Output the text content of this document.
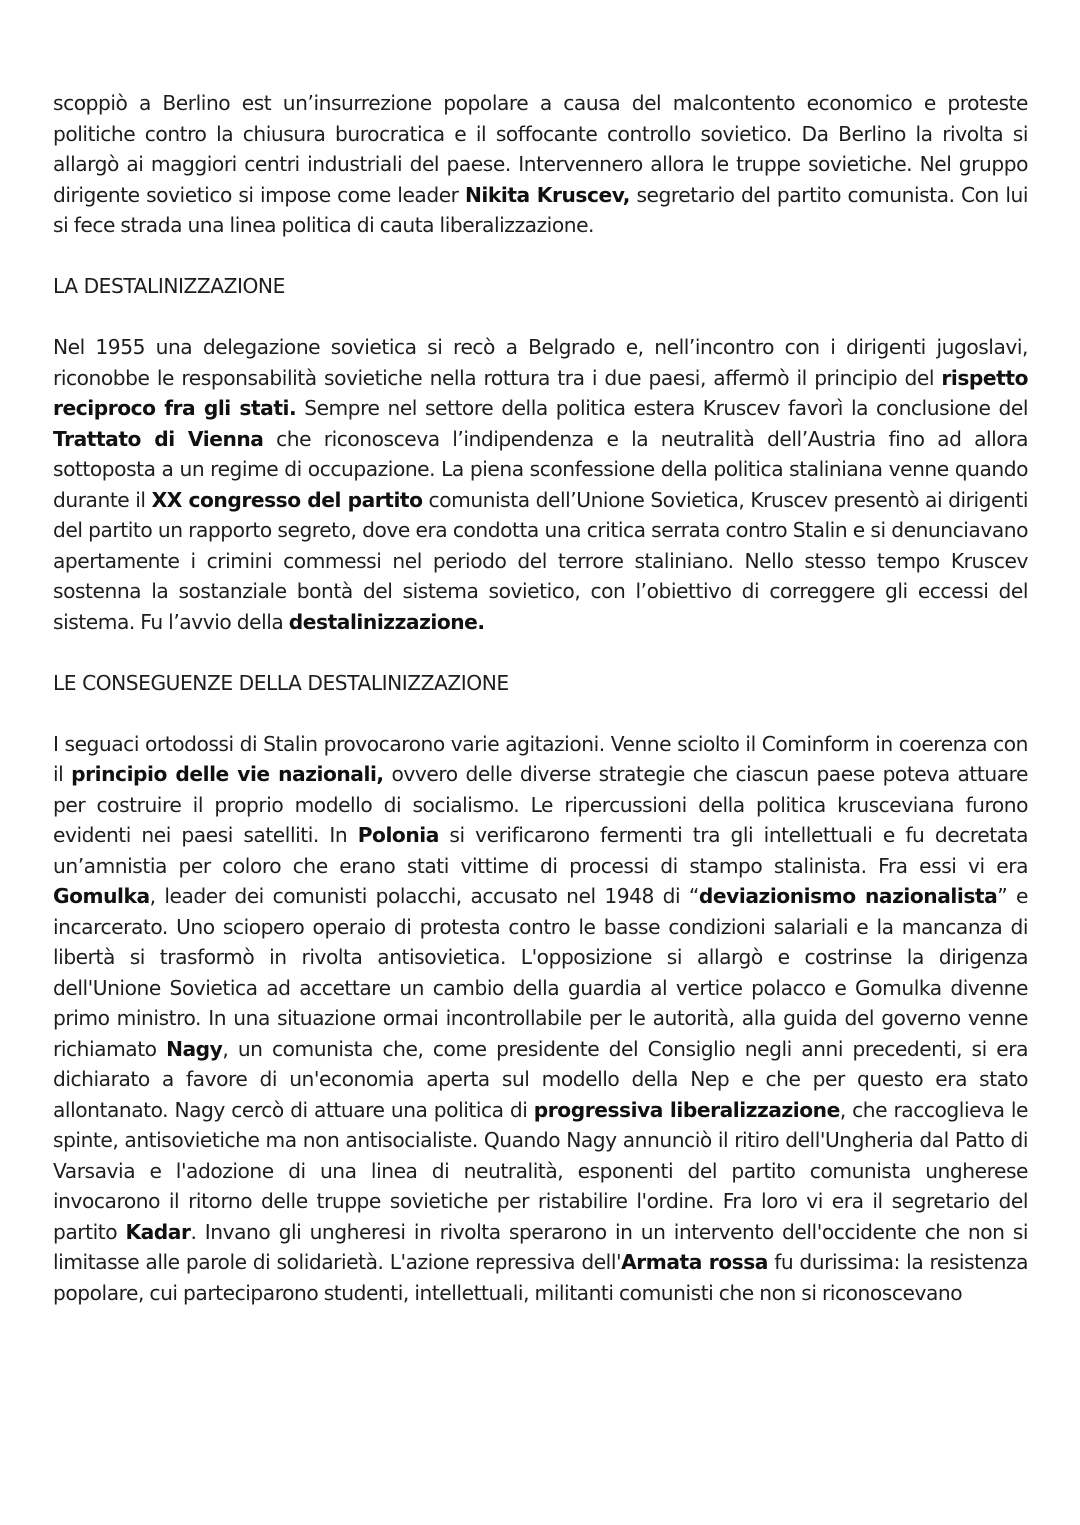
scoppiò a Berlino est un’insurrezione popolare a causa del malcontento economico e proteste politiche contro la chiusura burocratica e il soffocante controllo sovietico. Da Berlino la rivolta si allargò ai maggiori centri industriali del paese. Intervennero allora le truppe sovietiche. Nel gruppo dirigente sovietico si impose come leader Nikita Kruscev, segretario del partito comunista. Con lui si fece strada una linea politica di cauta liberalizzazione.

LA DESTALINIZZAZIONE

Nel 1955 una delegazione sovietica si recò a Belgrado e, nell’incontro con i dirigenti jugoslavi, riconobbe le responsabilità sovietiche nella rottura tra i due paesi, affermò il principio del rispetto reciproco fra gli stati. Sempre nel settore della politica estera Kruscev favorì la conclusione del Trattato di Vienna che riconosceva l’indipendenza e la neutralità dell’Austria fino ad allora sottoposta a un regime di occupazione. La piena sconfessione della politica staliniana venne quando durante il XX congresso del partito comunista dell’Unione Sovietica, Kruscev presentò ai dirigenti del partito un rapporto segreto, dove era condotta una critica serrata contro Stalin e si denunciavano apertamente i crimini commessi nel periodo del terrore staliniano. Nello stesso tempo Kruscev sostenna la sostanziale bontà del sistema sovietico, con l’obiettivo di correggere gli eccessi del sistema. Fu l’avvio della destalinizzazione.

LE CONSEGUENZE DELLA DESTALINIZZAZIONE

I seguaci ortodossi di Stalin provocarono varie agitazioni. Venne sciolto il Cominform in coerenza con il principio delle vie nazionali, ovvero delle diverse strategie che ciascun paese poteva attuare per costruire il proprio modello di socialismo. Le ripercussioni della politica krusceviana furono evidenti nei paesi satelliti. In Polonia si verificarono fermenti tra gli intellettuali e fu decretata un’amnistia per coloro che erano stati vittime di processi di stampo stalinista. Fra essi vi era Gomulka, leader dei comunisti polacchi, accusato nel 1948 di “deviazionismo nazionalista” e incarcerato. Uno sciopero operaio di protesta contro le basse condizioni salariali e la mancanza di libertà si trasformò in rivolta antisovietica. L'opposizione si allargò e costrinse la dirigenza dell'Unione Sovietica ad accettare un cambio della guardia al vertice polacco e Gomulka divenne primo ministro. In una situazione ormai incontrollabile per le autorità, alla guida del governo venne richiamato Nagy, un comunista che, come presidente del Consiglio negli anni precedenti, si era dichiarato a favore di un'economia aperta sul modello della Nep e che per questo era stato allontanato. Nagy cercò di attuare una politica di progressiva liberalizzazione, che raccoglieva le spinte, antisovietiche ma non antisocialiste. Quando Nagy annunciò il ritiro dell'Ungheria dal Patto di Varsavia e l'adozione di una linea di neutralità, esponenti del partito comunista ungherese invocarono il ritorno delle truppe sovietiche per ristabilire l'ordine. Fra loro vi era il segretario del partito Kadar. Invano gli ungheresi in rivolta sperarono in un intervento dell'occidente che non si limitasse alle parole di solidarietà. L'azione repressiva dell'Armata rossa fu durissima: la resistenza popolare, cui parteciparono studenti, intellettuali, militanti comunisti che non si riconoscevano
